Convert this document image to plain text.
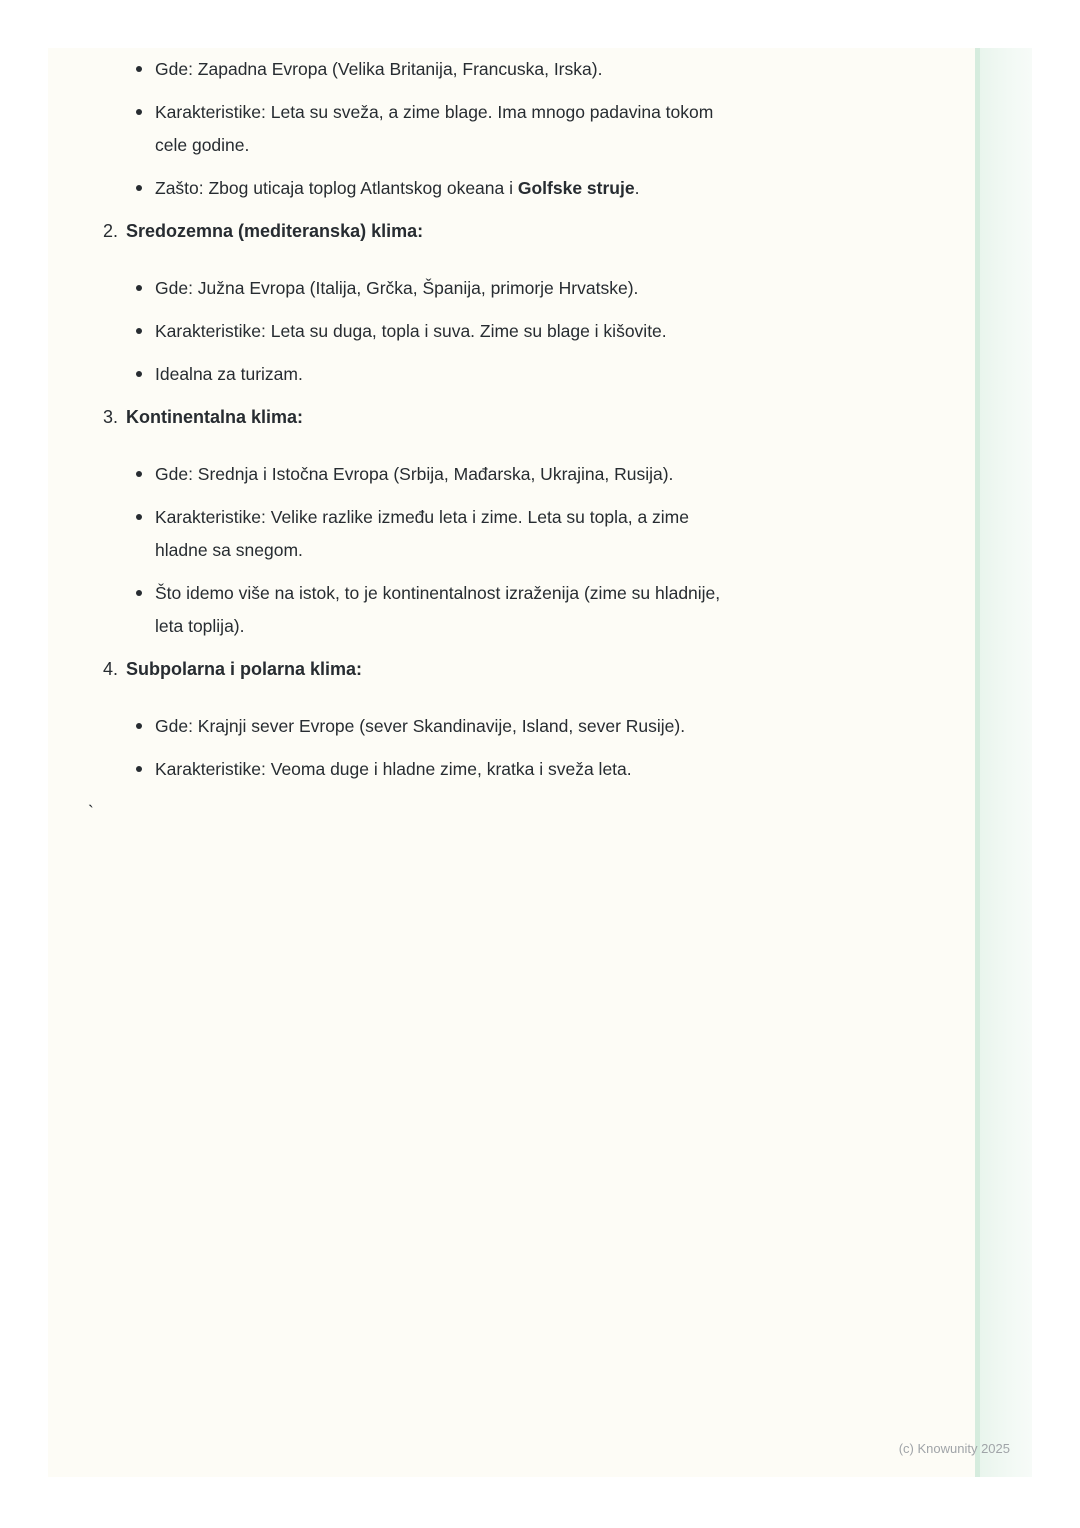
Gde: Zapadna Evropa (Velika Britanija, Francuska, Irska).
Karakteristike: Leta su sveža, a zime blage. Ima mnogo padavina tokom
cele godine.
Zašto: Zbog uticaja toplog Atlantskog okeana i Golfske struje.
2. Sredozemna (mediteranska) klima:
Gde: Južna Evropa (Italija, Grčka, Španija, primorje Hrvatske).
Karakteristike: Leta su duga, topla i suva. Zime su blage i kišovite.
Idealna za turizam.
3. Kontinentalna klima:
Gde: Srednja i Istočna Evropa (Srbija, Mađarska, Ukrajina, Rusija).
Karakteristike: Velike razlike između leta i zime. Leta su topla, a zime
hladne sa snegom.
Što idemo više na istok, to je kontinentalnost izraženija (zime su hladnije,
leta toplija).
4. Subpolarna i polarna klima:
Gde: Krajnji sever Evrope (sever Skandinavije, Island, sever Rusije).
Karakteristike: Veoma duge i hladne zime, kratka i sveža leta.

`

(c) Knowunity 2025
